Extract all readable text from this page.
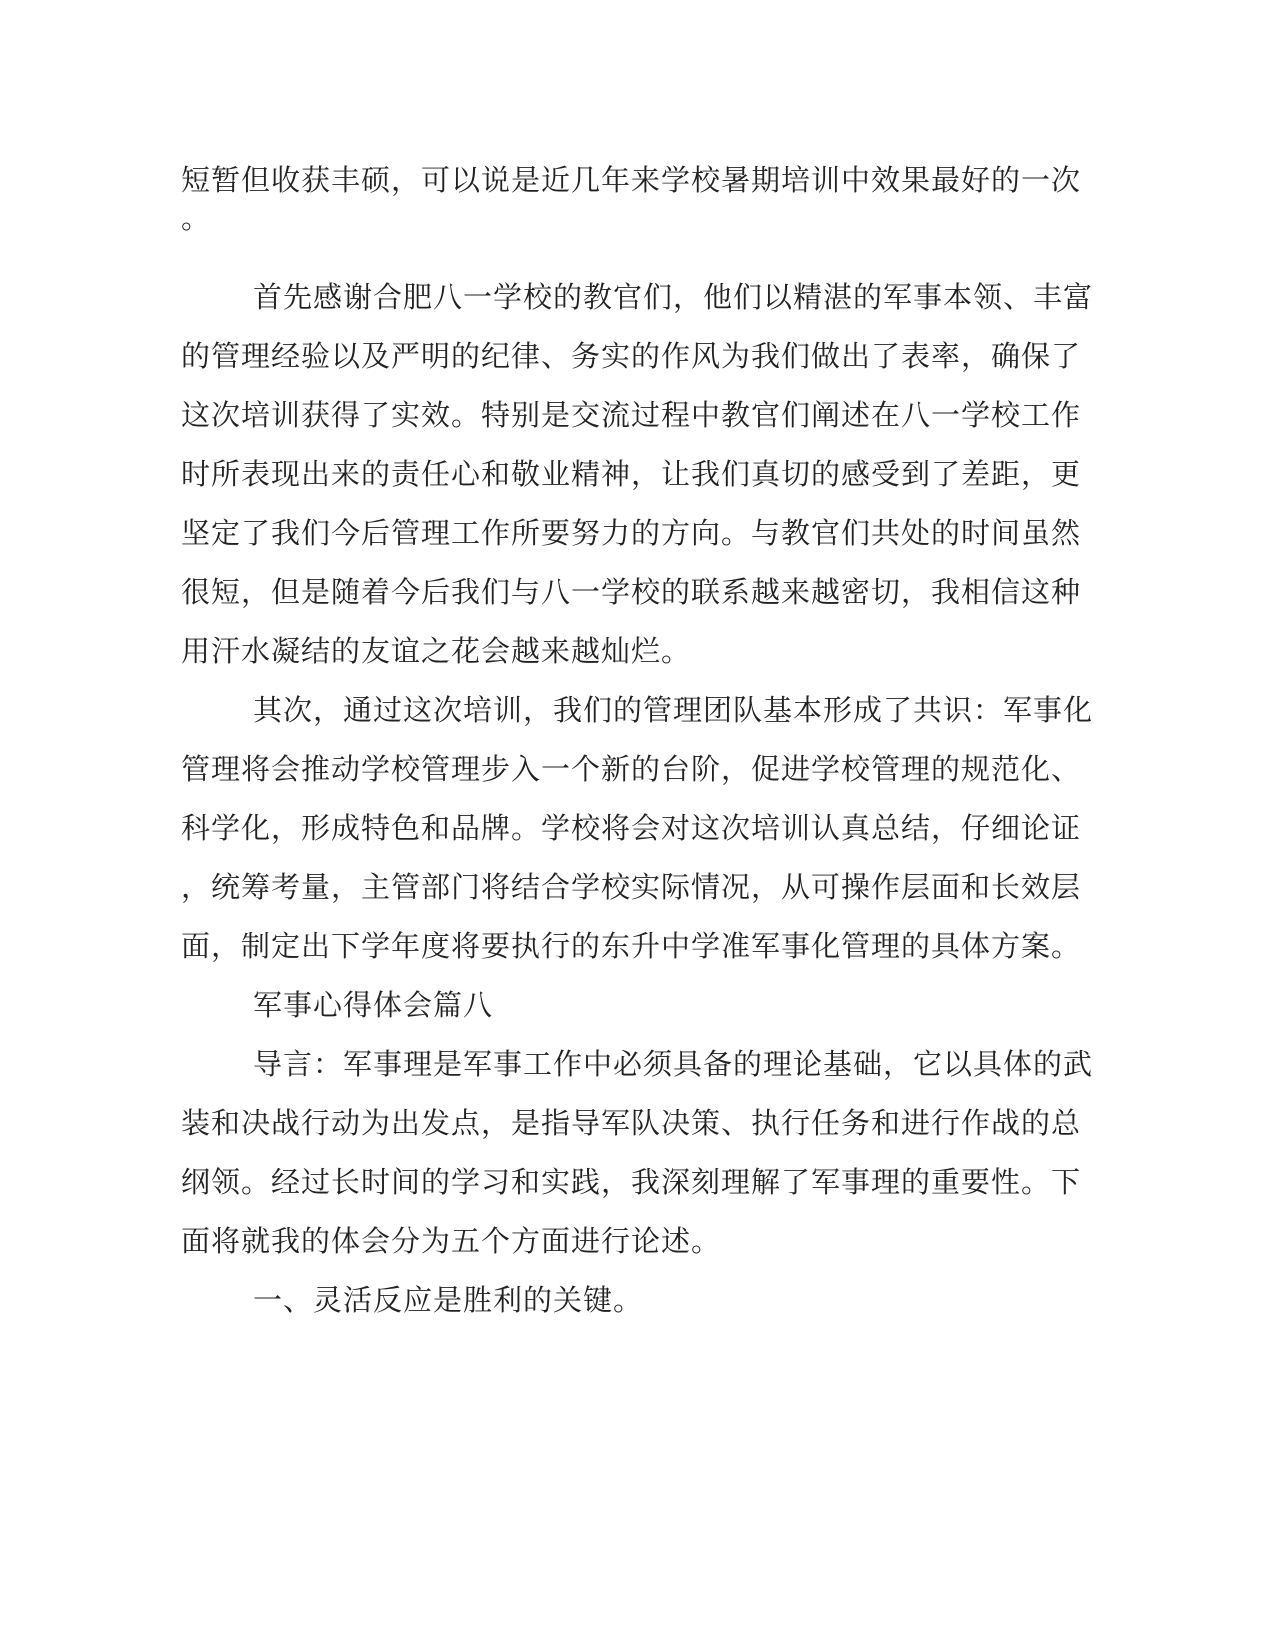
短暂但收获丰硕，可以说是近几年来学校暑期培训中效果最好的一次
。
首先感谢合肥八一学校的教官们，他们以精湛的军事本领、丰富
的管理经验以及严明的纪律、务实的作风为我们做出了表率，确保了
这次培训获得了实效。特别是交流过程中教官们阐述在八一学校工作
时所表现出来的责任心和敬业精神，让我们真切的感受到了差距，更
坚定了我们今后管理工作所要努力的方向。与教官们共处的时间虽然
很短，但是随着今后我们与八一学校的联系越来越密切，我相信这种
用汗水凝结的友谊之花会越来越灿烂。
其次，通过这次培训，我们的管理团队基本形成了共识：军事化
管理将会推动学校管理步入一个新的台阶，促进学校管理的规范化、
科学化，形成特色和品牌。学校将会对这次培训认真总结，仔细论证
，统筹考量，主管部门将结合学校实际情况，从可操作层面和长效层
面，制定出下学年度将要执行的东升中学准军事化管理的具体方案。
军事心得体会篇八
导言：军事理是军事工作中必须具备的理论基础，它以具体的武
装和决战行动为出发点，是指导军队决策、执行任务和进行作战的总
纲领。经过长时间的学习和实践，我深刻理解了军事理的重要性。下
面将就我的体会分为五个方面进行论述。
一、灵活反应是胜利的关键。
